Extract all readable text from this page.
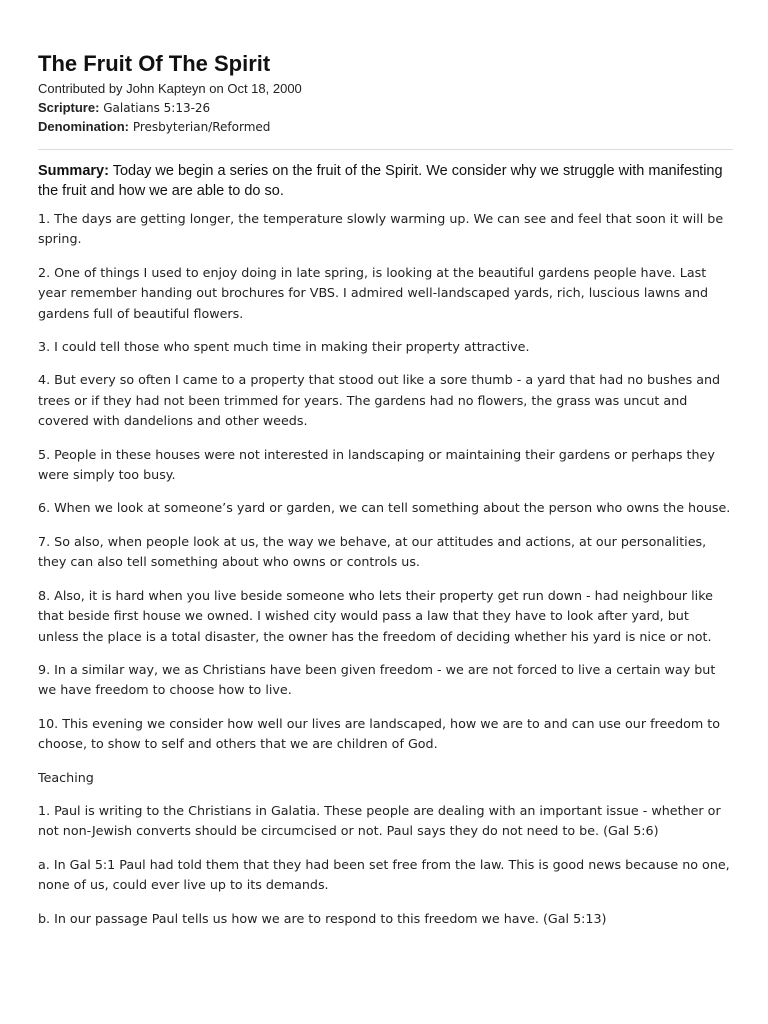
The Fruit Of The Spirit
Contributed by John Kapteyn on Oct 18, 2000
Scripture: Galatians 5:13-26
Denomination: Presbyterian/Reformed
Summary: Today we begin a series on the fruit of the Spirit. We consider why we struggle with manifesting the fruit and how we are able to do so.

1. The days are getting longer, the temperature slowly warming up. We can see and feel that soon it will be spring.

2. One of things I used to enjoy doing in late spring, is looking at the beautiful gardens people have. Last year remember handing out brochures for VBS. I admired well-landscaped yards, rich, luscious lawns and gardens full of beautiful flowers.

3. I could tell those who spent much time in making their property attractive.

4. But every so often I came to a property that stood out like a sore thumb - a yard that had no bushes and trees or if they had not been trimmed for years. The gardens had no flowers, the grass was uncut and covered with dandelions and other weeds.

5. People in these houses were not interested in landscaping or maintaining their gardens or perhaps they were simply too busy.

6. When we look at someone’s yard or garden, we can tell something about the person who owns the house.

7. So also, when people look at us, the way we behave, at our attitudes and actions, at our personalities, they can also tell something about who owns or controls us.

8. Also, it is hard when you live beside someone who lets their property get run down - had neighbour like that beside first house we owned. I wished city would pass a law that they have to look after yard, but unless the place is a total disaster, the owner has the freedom of deciding whether his yard is nice or not.

9. In a similar way, we as Christians have been given freedom - we are not forced to live a certain way but we have freedom to choose how to live.

10. This evening we consider how well our lives are landscaped, how we are to and can use our freedom to choose, to show to self and others that we are children of God.

Teaching

1. Paul is writing to the Christians in Galatia. These people are dealing with an important issue - whether or not non-Jewish converts should be circumcised or not. Paul says they do not need to be. (Gal 5:6)

a. In Gal 5:1 Paul had told them that they had been set free from the law. This is good news because no one, none of us, could ever live up to its demands.

b. In our passage Paul tells us how we are to respond to this freedom we have. (Gal 5:13)
